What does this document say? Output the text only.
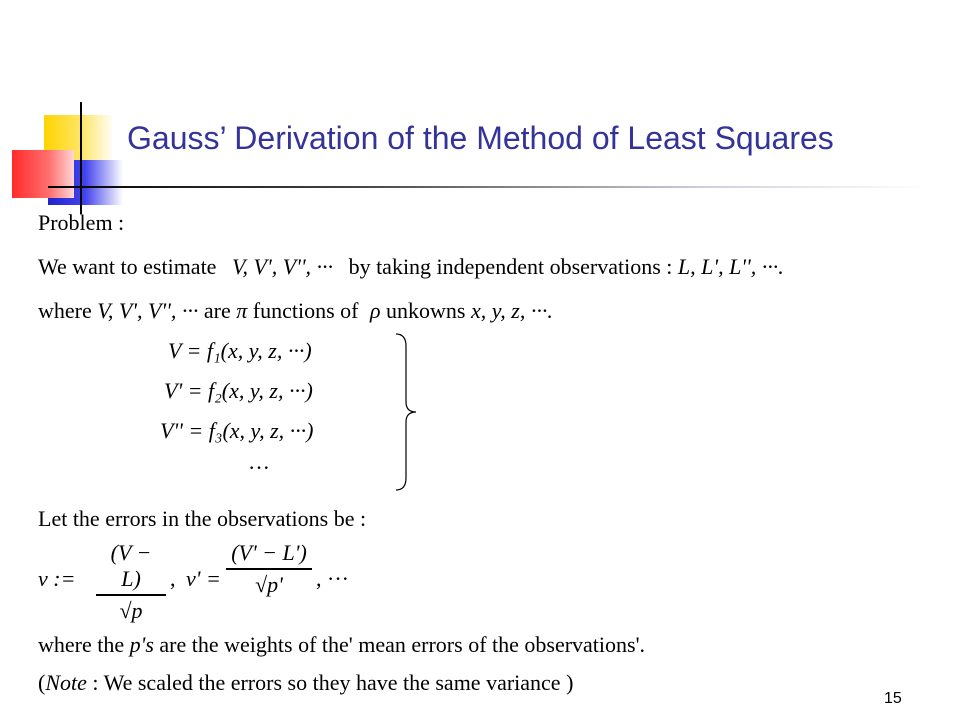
Gauss’ Derivation of the Method of Least Squares
Problem :
We want to estimate V, V', V'', ··· by taking independent observations : L, L', L'', ···.
where V, V', V'', ··· are π functions of ρ unkowns x, y, z, ···.
V = f₁(x, y, z, ···)
V' = f₂(x, y, z, ···)
V'' = f₃(x, y, z, ···)
···
Let the errors in the observations be :
v :=
(V − L)
√p
, v' =
(V' − L')
√p'	, ···
where the p's are the weights of the' mean errors of the observations'.
(Note : We scaled the errors so they have the same variance )
15
